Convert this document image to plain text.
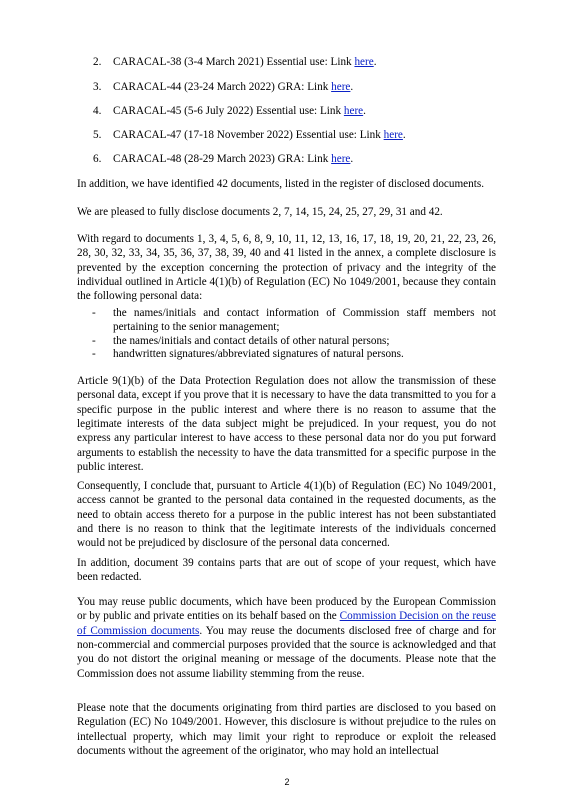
2.	CARACAL-38 (3-4 March 2021) Essential use: Link here.
3.	CARACAL-44 (23-24 March 2022) GRA: Link here.
4.	CARACAL-45 (5-6 July 2022) Essential use: Link here.
5.	CARACAL-47 (17-18 November 2022) Essential use: Link here.
6.	CARACAL-48 (28-29 March 2023) GRA: Link here.

In addition, we have identified 42 documents, listed in the register of disclosed documents.

We are pleased to fully disclose documents 2, 7, 14, 15, 24, 25, 27, 29, 31 and 42.

With regard to documents 1, 3, 4, 5, 6, 8, 9, 10, 11, 12, 13, 16, 17, 18, 19, 20, 21, 22, 23, 26, 28, 30, 32, 33, 34, 35, 36, 37, 38, 39, 40 and 41 listed in the annex, a complete disclosure is prevented by the exception concerning the protection of privacy and the integrity of the individual outlined in Article 4(1)(b) of Regulation (EC) No 1049/2001, because they contain the following personal data:

- the names/initials and contact information of Commission staff members not pertaining to the senior management;
- the names/initials and contact details of other natural persons;
- handwritten signatures/abbreviated signatures of natural persons.

Article 9(1)(b) of the Data Protection Regulation does not allow the transmission of these personal data, except if you prove that it is necessary to have the data transmitted to you for a specific purpose in the public interest and where there is no reason to assume that the legitimate interests of the data subject might be prejudiced. In your request, you do not express any particular interest to have access to these personal data nor do you put forward arguments to establish the necessity to have the data transmitted for a specific purpose in the public interest.

Consequently, I conclude that, pursuant to Article 4(1)(b) of Regulation (EC) No 1049/2001, access cannot be granted to the personal data contained in the requested documents, as the need to obtain access thereto for a purpose in the public interest has not been substantiated and there is no reason to think that the legitimate interests of the individuals concerned would not be prejudiced by disclosure of the personal data concerned.

In addition, document 39 contains parts that are out of scope of your request, which have been redacted.

You may reuse public documents, which have been produced by the European Commission or by public and private entities on its behalf based on the Commission Decision on the reuse of Commission documents. You may reuse the documents disclosed free of charge and for non-commercial and commercial purposes provided that the source is acknowledged and that you do not distort the original meaning or message of the documents. Please note that the Commission does not assume liability stemming from the reuse.

Please note that the documents originating from third parties are disclosed to you based on Regulation (EC) No 1049/2001. However, this disclosure is without prejudice to the rules on intellectual property, which may limit your right to reproduce or exploit the released documents without the agreement of the originator, who may hold an intellectual

2
